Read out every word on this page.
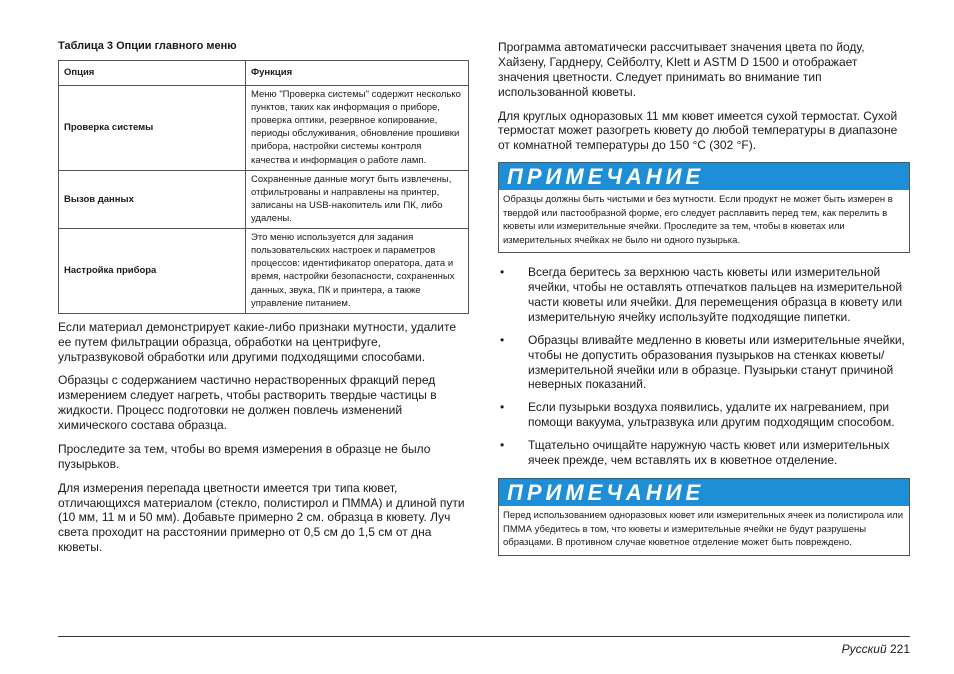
Таблица 3 Опции главного меню
Опция	Функция
Проверка системы	Меню "Проверка системы" содержит несколько пунктов, таких как информация о приборе, проверка оптики, резервное копирование, периоды обслуживания, обновление прошивки прибора, настройки системы контроля качества и информация о работе ламп.
Вызов данных	Сохраненные данные могут быть извлечены, отфильтрованы и направлены на принтер, записаны на USB-накопитель или ПК, либо удалены.
Настройка прибора	Это меню используется для задания пользовательских настроек и параметров процессов: идентификатор оператора, дата и время, настройки безопасности, сохраненных данных, звука, ПК и принтера, а также управление питанием.

Если материал демонстрирует какие-либо признаки мутности, удалите ее путем фильтрации образца, обработки на центрифуге, ультразвуковой обработки или другими подходящими способами.

Образцы с содержанием частично нерастворенных фракций перед измерением следует нагреть, чтобы растворить твердые частицы в жидкости. Процесс подготовки не должен повлечь изменений химического состава образца.

Проследите за тем, чтобы во время измерения в образце не было пузырьков.

Для измерения перепада цветности имеется три типа кювет, отличающихся материалом (стекло, полистирол и ПММА) и длиной пути (10 мм, 11 м и 50 мм). Добавьте примерно 2 см. образца в кювету. Луч света проходит на расстоянии примерно от 0,5 см до 1,5 см от дна кюветы.

Программа автоматически рассчитывает значения цвета по йоду, Хайзену, Гарднеру, Сейболту, Klett и ASTM D 1500 и отображает значения цветности. Следует принимать во внимание тип использованной кюветы.

Для круглых одноразовых 11 мм кювет имеется сухой термостат. Сухой термостат может разогреть кювету до любой температуры в диапазоне от комнатной температуры до 150 °C (302 °F).

ПРИМЕЧАНИЕ
Образцы должны быть чистыми и без мутности. Если продукт не может быть измерен в твердой или пастообразной форме, его следует расплавить перед тем, как перелить в кюветы или измерительные ячейки. Проследите за тем, чтобы в кюветах или измерительных ячейках не было ни одного пузырька.
• Всегда беритесь за верхнюю часть кюветы или измерительной ячейки, чтобы не оставлять отпечатков пальцев на измерительной части кюветы или ячейки. Для перемещения образца в кювету или измерительную ячейку используйте подходящие пипетки.
• Образцы вливайте медленно в кюветы или измерительные ячейки, чтобы не допустить образования пузырьков на стенках кюветы/измерительной ячейки или в образце. Пузырьки станут причиной неверных показаний.
• Если пузырьки воздуха появились, удалите их нагреванием, при помощи вакуума, ультразвука или другим подходящим способом.
• Тщательно очищайте наружную часть кювет или измерительных ячеек прежде, чем вставлять их в кюветное отделение.
ПРИМЕЧАНИЕ
Перед использованием одноразовых кювет или измерительных ячеек из полистирола или ПММА убедитесь в том, что кюветы и измерительные ячейки не будут разрушены образцами. В противном случае кюветное отделение может быть повреждено.
Русский 221
